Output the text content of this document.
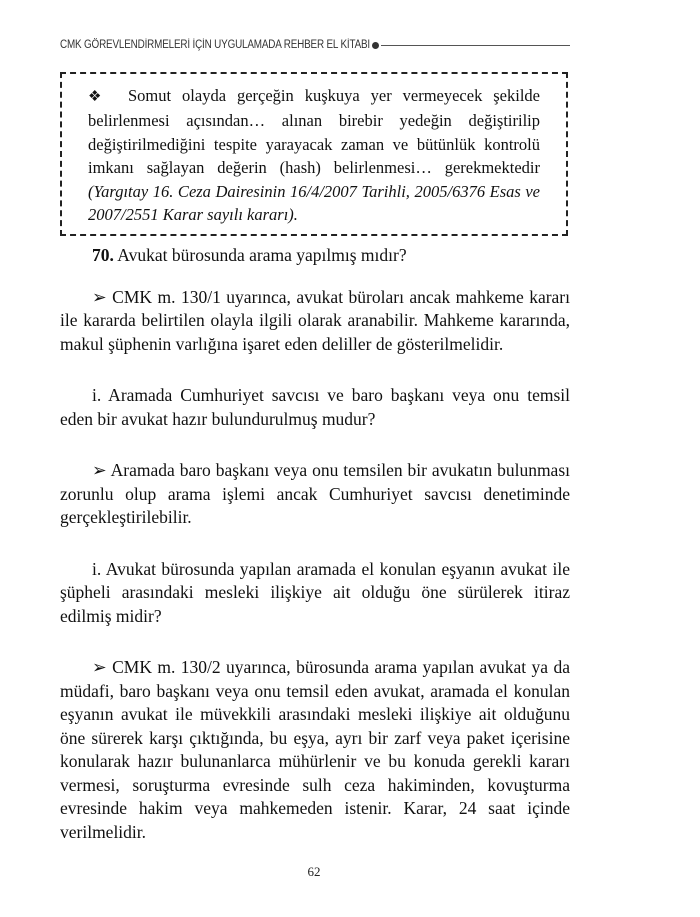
CMK GÖREVLENDİRMELERİ İÇİN UYGULAMADA REHBER EL KİTABI
❖ Somut olayda gerçeğin kuşkuya yer vermeyecek şekilde belirlenmesi açısından… alınan birebir yedeğin değiştirilip değiştirilmediğini tespite yarayacak zaman ve bütünlük kontrolü imkanı sağlayan değerin (hash) belirlenmesi… gerekmektedir (Yargıtay 16. Ceza Dairesinin 16/4/2007 Tarihli, 2005/6376 Esas ve 2007/2551 Karar sayılı kararı).

70. Avukat bürosunda arama yapılmış mıdır?

➢ CMK m. 130/1 uyarınca, avukat büroları ancak mahkeme kararı ile kararda belirtilen olayla ilgili olarak aranabilir. Mahkeme kararında, makul şüphenin varlığına işaret eden deliller de gösterilmelidir.

i. Aramada Cumhuriyet savcısı ve baro başkanı veya onu temsil eden bir avukat hazır bulundurulmuş mudur?

➢ Aramada baro başkanı veya onu temsilen bir avukatın bulunması zorunlu olup arama işlemi ancak Cumhuriyet savcısı denetiminde gerçekleştirilebilir.

i. Avukat bürosunda yapılan aramada el konulan eşyanın avukat ile şüpheli arasındaki mesleki ilişkiye ait olduğu öne sürülerek itiraz edilmiş midir?

➢ CMK m. 130/2 uyarınca, bürosunda arama yapılan avukat ya da müdafi, baro başkanı veya onu temsil eden avukat, aramada el konulan eşyanın avukat ile müvekkili arasındaki mesleki ilişkiye ait olduğunu öne sürerek karşı çıktığında, bu eşya, ayrı bir zarf veya paket içerisine konularak hazır bulunanlarca mühürlenir ve bu konuda gerekli kararı vermesi, soruşturma evresinde sulh ceza hakiminden, kovuşturma evresinde hakim veya mahkemeden istenir. Karar, 24 saat içinde verilmelidir.

62
